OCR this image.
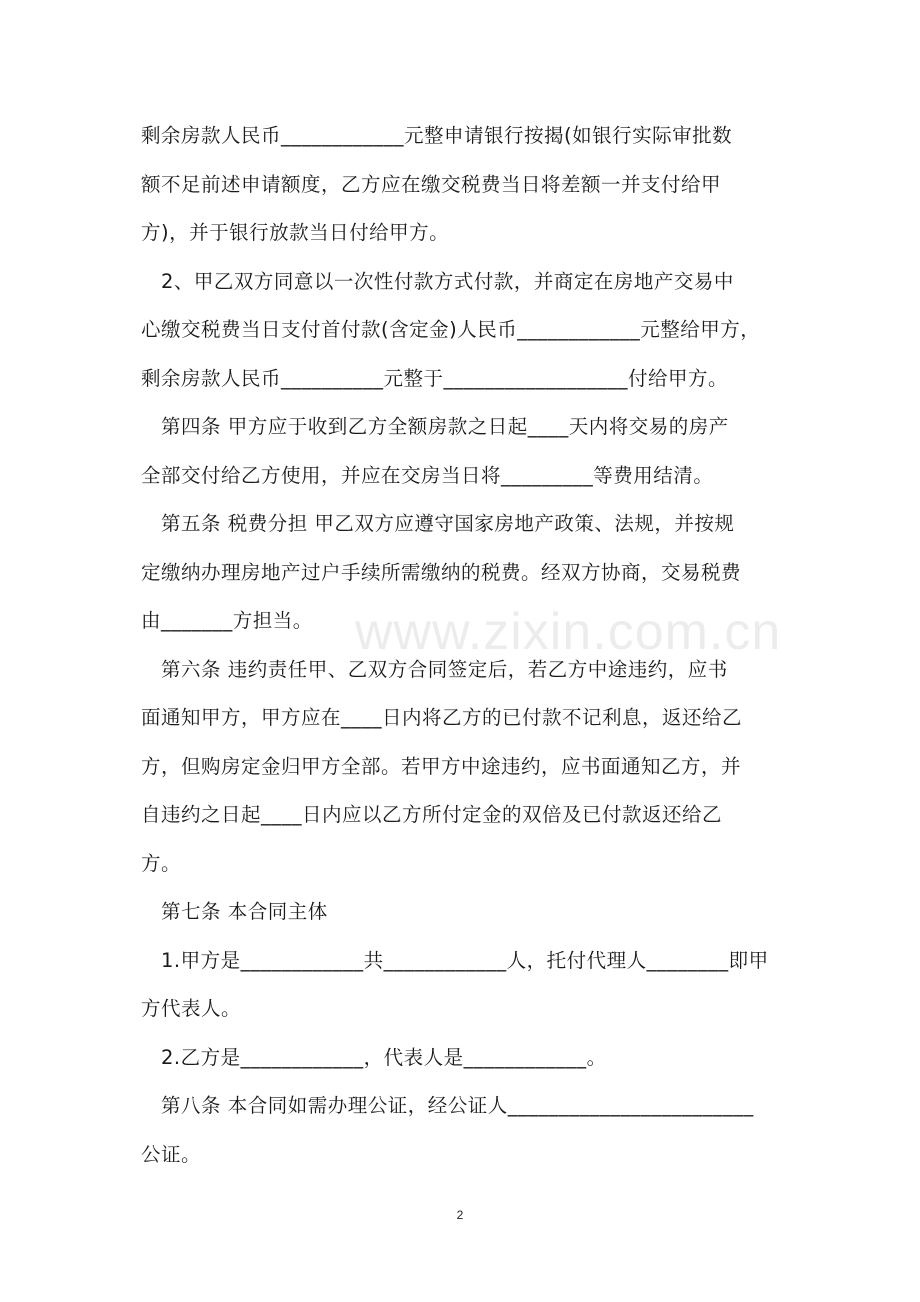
剩余房款人民币____________元整申请银行按揭(如银行实际审批数
额不足前述申请额度，乙方应在缴交税费当日将差额一并支付给甲
方)，并于银行放款当日付给甲方。
2、甲乙双方同意以一次性付款方式付款，并商定在房地产交易中
心缴交税费当日支付首付款(含定金)人民币____________元整给甲方，
剩余房款人民币__________元整于__________________付给甲方。
第四条 甲方应于收到乙方全额房款之日起____天内将交易的房产
全部交付给乙方使用，并应在交房当日将_________等费用结清。
第五条 税费分担 甲乙双方应遵守国家房地产政策、法规，并按规
定缴纳办理房地产过户手续所需缴纳的税费。经双方协商，交易税费
由_______方担当。
第六条 违约责任甲、乙双方合同签定后，若乙方中途违约，应书
面通知甲方，甲方应在____日内将乙方的已付款不记利息，返还给乙
方，但购房定金归甲方全部。若甲方中途违约，应书面通知乙方，并
自违约之日起____日内应以乙方所付定金的双倍及已付款返还给乙
方。
第七条 本合同主体
1.甲方是____________共____________人，托付代理人________即甲
方代表人。
2.乙方是____________，代表人是____________。
第八条 本合同如需办理公证，经公证人________________________
公证。
www.zixin.com.cn
2
